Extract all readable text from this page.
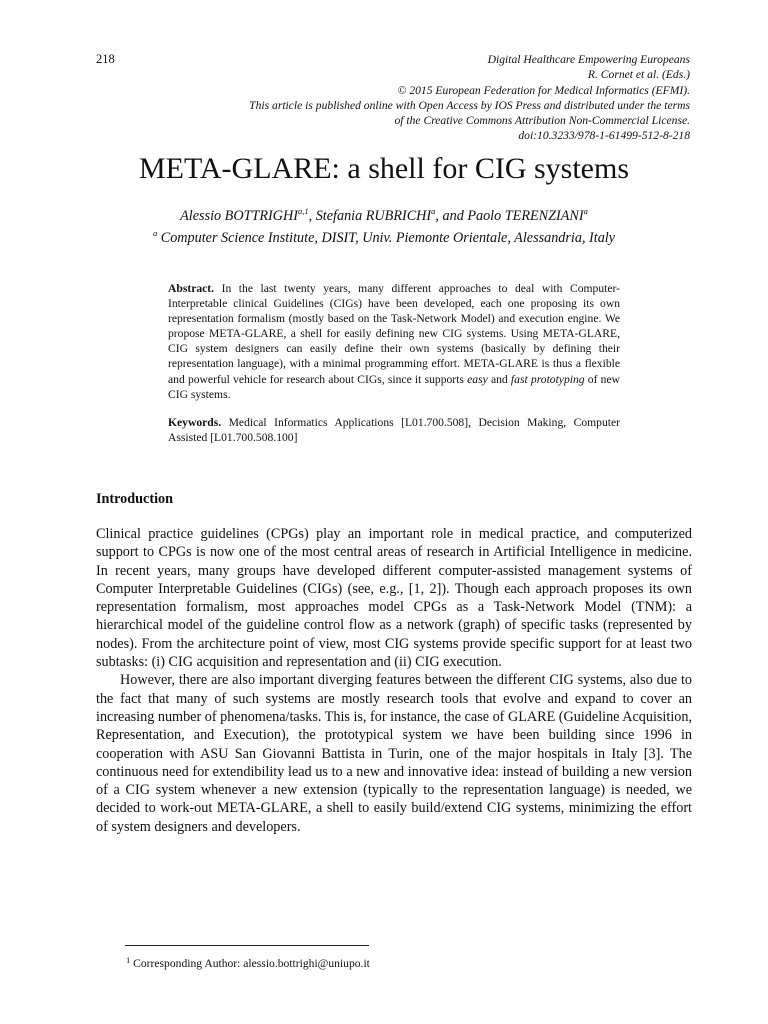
218	Digital Healthcare Empowering Europeans
R. Cornet et al. (Eds.)
© 2015 European Federation for Medical Informatics (EFMI).
This article is published online with Open Access by IOS Press and distributed under the terms
of the Creative Commons Attribution Non-Commercial License.
doi:10.3233/978-1-61499-512-8-218
META-GLARE: a shell for CIG systems
Alessio BOTTRIGHI$^{a,1}$, Stefania RUBRICHI$^a$, and Paolo TERENZIANI$^a$
$^a$ Computer Science Institute, DISIT, Univ. Piemonte Orientale, Alessandria, Italy

Abstract. In the last twenty years, many different approaches to deal with Computer-Interpretable clinical Guidelines (CIGs) have been developed, each one proposing its own representation formalism (mostly based on the Task-Network Model) and execution engine. We propose META-GLARE, a shell for easily defining new CIG systems. Using META-GLARE, CIG system designers can easily define their own systems (basically by defining their representation language), with a minimal programming effort. META-GLARE is thus a flexible and powerful vehicle for research about CIGs, since it supports easy and fast prototyping of new CIG systems.

Keywords. Medical Informatics Applications [L01.700.508], Decision Making, Computer Assisted [L01.700.508.100]

Introduction

Clinical practice guidelines (CPGs) play an important role in medical practice, and computerized support to CPGs is now one of the most central areas of research in Artificial Intelligence in medicine. In recent years, many groups have developed different computer-assisted management systems of Computer Interpretable Guidelines (CIGs) (see, e.g., [1, 2]). Though each approach proposes its own representation formalism, most approaches model CPGs as a Task-Network Model (TNM): a hierarchical model of the guideline control flow as a network (graph) of specific tasks (represented by nodes). From the architecture point of view, most CIG systems provide specific support for at least two subtasks: (i) CIG acquisition and representation and (ii) CIG execution.

However, there are also important diverging features between the different CIG systems, also due to the fact that many of such systems are mostly research tools that evolve and expand to cover an increasing number of phenomena/tasks. This is, for instance, the case of GLARE (Guideline Acquisition, Representation, and Execution), the prototypical system we have been building since 1996 in cooperation with ASU San Giovanni Battista in Turin, one of the major hospitals in Italy [3]. The continuous need for extendibility lead us to a new and innovative idea: instead of building a new version of a CIG system whenever a new extension (typically to the representation language) is needed, we decided to work-out META-GLARE, a shell to easily build/extend CIG systems, minimizing the effort of system designers and developers.

$^1$ Corresponding Author: alessio.bottrighi@uniupo.it
